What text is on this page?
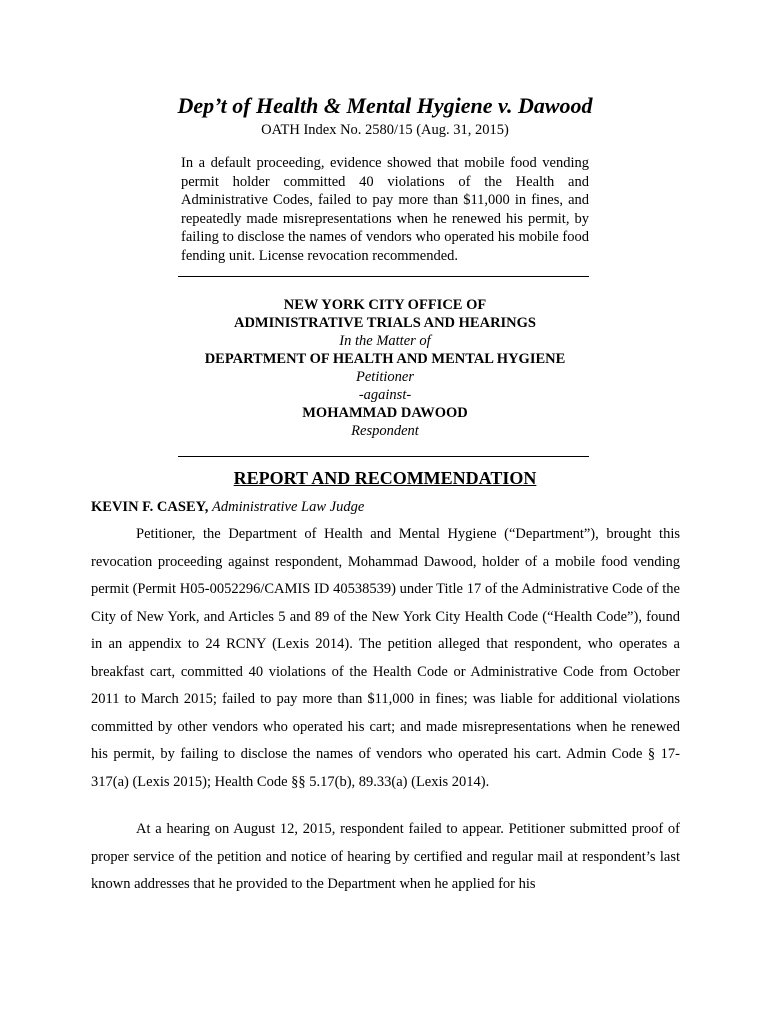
Dep’t of Health & Mental Hygiene v. Dawood
OATH Index No. 2580/15 (Aug. 31, 2015)

In a default proceeding, evidence showed that mobile food vending permit holder committed 40 violations of the Health and Administrative Codes, failed to pay more than $11,000 in fines, and repeatedly made misrepresentations when he renewed his permit, by failing to disclose the names of vendors who operated his mobile food fending unit. License revocation recommended.

NEW YORK CITY OFFICE OF
ADMINISTRATIVE TRIALS AND HEARINGS
In the Matter of
DEPARTMENT OF HEALTH AND MENTAL HYGIENE
Petitioner
-against-
MOHAMMAD DAWOOD
Respondent
REPORT AND RECOMMENDATION
KEVIN F. CASEY, Administrative Law Judge

Petitioner, the Department of Health and Mental Hygiene (“Department”), brought this revocation proceeding against respondent, Mohammad Dawood, holder of a mobile food vending permit (Permit H05-0052296/CAMIS ID 40538539) under Title 17 of the Administrative Code of the City of New York, and Articles 5 and 89 of the New York City Health Code (“Health Code”), found in an appendix to 24 RCNY (Lexis 2014). The petition alleged that respondent, who operates a breakfast cart, committed 40 violations of the Health Code or Administrative Code from October 2011 to March 2015; failed to pay more than $11,000 in fines; was liable for additional violations committed by other vendors who operated his cart; and made misrepresentations when he renewed his permit, by failing to disclose the names of vendors who operated his cart. Admin Code § 17-317(a) (Lexis 2015); Health Code §§ 5.17(b), 89.33(a) (Lexis 2014).

At a hearing on August 12, 2015, respondent failed to appear. Petitioner submitted proof of proper service of the petition and notice of hearing by certified and regular mail at respondent’s last known addresses that he provided to the Department when he applied for his
